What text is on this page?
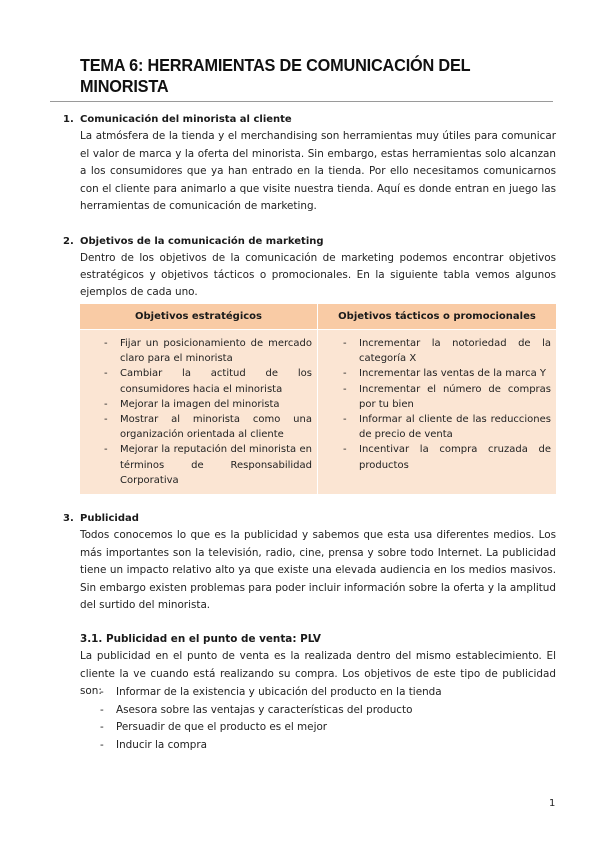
TEMA 6: HERRAMIENTAS DE COMUNICACIÓN DEL MINORISTA
1. Comunicación del minorista al cliente
La atmósfera de la tienda y el merchandising son herramientas muy útiles para comunicar el valor de marca y la oferta del minorista. Sin embargo, estas herramientas solo alcanzan a los consumidores que ya han entrado en la tienda. Por ello necesitamos comunicarnos con el cliente para animarlo a que visite nuestra tienda. Aquí es donde entran en juego las herramientas de comunicación de marketing.
2. Objetivos de la comunicación de marketing
Dentro de los objetivos de la comunicación de marketing podemos encontrar objetivos estratégicos y objetivos tácticos o promocionales. En la siguiente tabla vemos algunos ejemplos de cada uno.
Objetivos estratégicos	Objetivos tácticos o promocionales
- Fijar un posicionamiento de mercado claro para el minorista
- Cambiar la actitud de los consumidores hacia el minorista
- Mejorar la imagen del minorista
- Mostrar al minorista como una organización orientada al cliente
- Mejorar la reputación del minorista en términos de Responsabilidad Corporativa
- Incrementar la notoriedad de la categoría X
- Incrementar las ventas de la marca Y
- Incrementar el número de compras por tu bien
- Informar al cliente de las reducciones de precio de venta
- Incentivar la compra cruzada de productos
3. Publicidad
Todos conocemos lo que es la publicidad y sabemos que esta usa diferentes medios. Los más importantes son la televisión, radio, cine, prensa y sobre todo Internet. La publicidad tiene un impacto relativo alto ya que existe una elevada audiencia en los medios masivos. Sin embargo existen problemas para poder incluir información sobre la oferta y la amplitud del surtido del minorista.
3.1. Publicidad en el punto de venta: PLV
La publicidad en el punto de venta es la realizada dentro del mismo establecimiento. El cliente la ve cuando está realizando su compra. Los objetivos de este tipo de publicidad son:
-	Informar de la existencia y ubicación del producto en la tienda
- Asesora sobre las ventajas y características del producto
- Persuadir de que el producto es el mejor
- Inducir la compra
1
